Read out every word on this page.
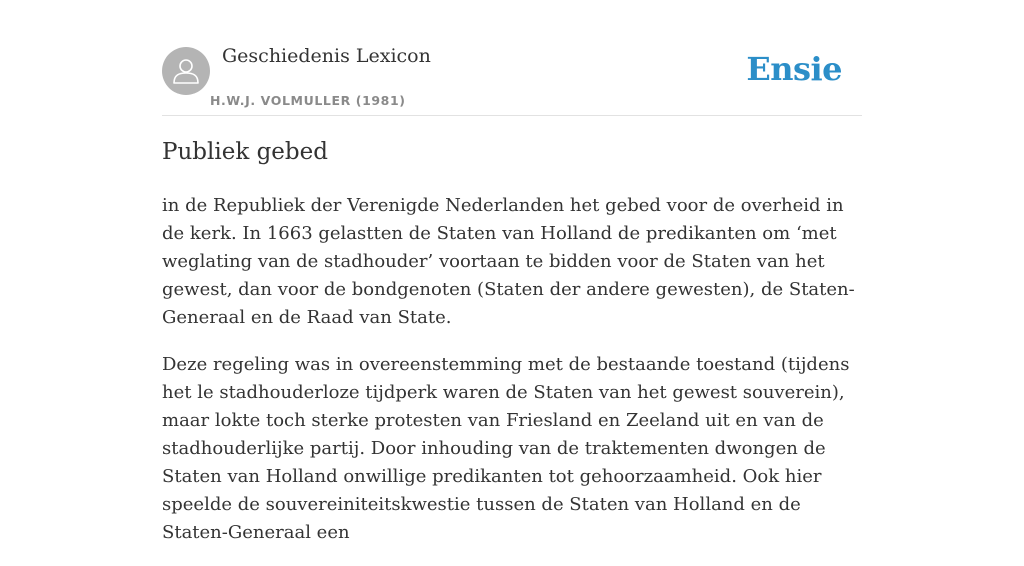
Geschiedenis Lexicon
H.W.J. VOLMULLER (1981)
Ensie
Publiek gebed

in de Republiek der Verenigde Nederlanden het gebed voor de overheid in de kerk. In 1663 gelastten de Staten van Holland de predikanten om ‘met weglating van de stadhouder’ voortaan te bidden voor de Staten van het gewest, dan voor de bondgenoten (Staten der andere gewesten), de Staten-Generaal en de Raad van State.

Deze regeling was in overeenstemming met de bestaande toestand (tijdens het le stadhouderloze tijdperk waren de Staten van het gewest souverein), maar lokte toch sterke protesten van Friesland en Zeeland uit en van de stadhouderlijke partij. Door inhouding van de traktementen dwongen de Staten van Holland onwillige predikanten tot gehoorzaamheid. Ook hier speelde de souvereiniteitskwestie tussen de Staten van Holland en de Staten-Generaal een
